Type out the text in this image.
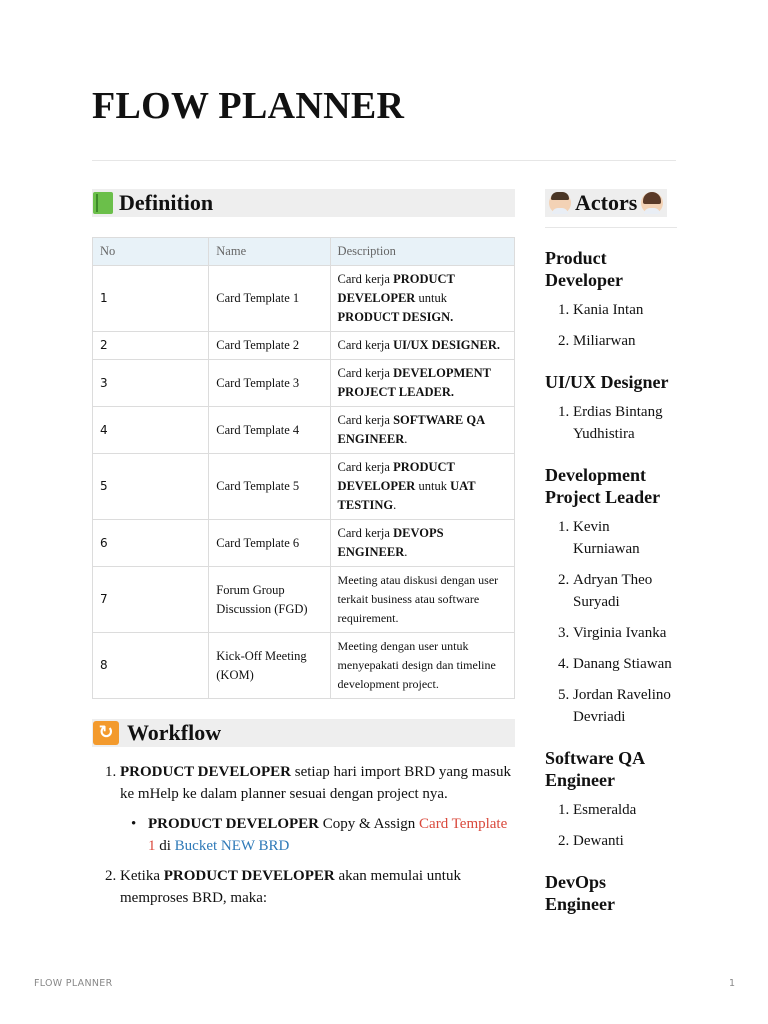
FLOW PLANNER
Definition
No	Name	Description
1	Card Template 1	Card kerja PRODUCT DEVELOPER untuk PRODUCT DESIGN.
2	Card Template 2	Card kerja UI/UX DESIGNER.
3	Card Template 3	Card kerja DEVELOPMENT PROJECT LEADER.
4	Card Template 4	Card kerja SOFTWARE QA ENGINEER.
5	Card Template 5	Card kerja PRODUCT DEVELOPER untuk UAT TESTING.
6	Card Template 6	Card kerja DEVOPS ENGINEER.
7	Forum Group Discussion (FGD)	Meeting atau diskusi dengan user terkait business atau software requirement.
8	Kick-Off Meeting (KOM)	Meeting dengan user untuk menyepakati design dan timeline development project.
↻ Workflow
1. PRODUCT DEVELOPER setiap hari import BRD yang masuk ke mHelp ke dalam planner sesuai dengan project nya.
• PRODUCT DEVELOPER Copy & Assign Card Template 1 di Bucket NEW BRD
2. Ketika PRODUCT DEVELOPER akan memulai untuk memproses BRD, maka:
Actors
Product Developer
1. Kania Intan
2. Miliarwan
UI/UX Designer
1. Erdias Bintang Yudhistira
Development Project Leader
1. Kevin Kurniawan
2. Adryan Theo Suryadi
3. Virginia Ivanka
4. Danang Stiawan
5. Jordan Ravelino Devriadi
Software QA Engineer
1. Esmeralda
2. Dewanti
DevOps Engineer
FLOW PLANNER	1
